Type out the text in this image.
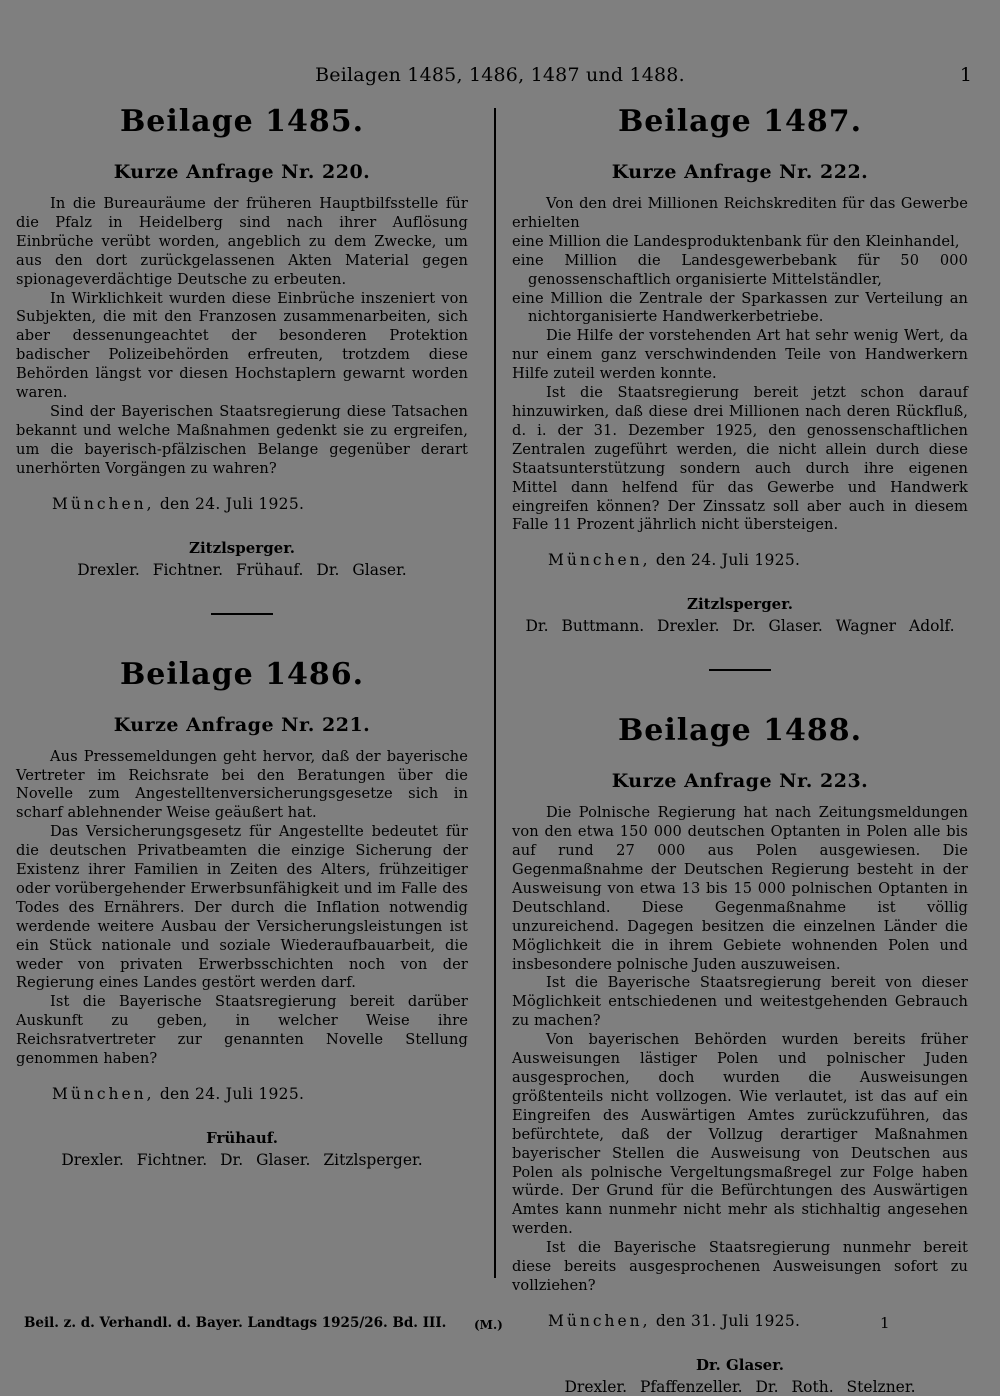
Beilagen 1485, 1486, 1487 und 1488.	1
Beilage 1485.
Kurze Anfrage Nr. 220.

In die Bureauräume der früheren Hauptbilfsstelle für die Pfalz in Heidelberg sind nach ihrer Auflösung Einbrüche verübt worden, angeblich zu dem Zwecke, um aus den dort zurückgelassenen Akten Material gegen spionageverdächtige Deutsche zu erbeuten.

In Wirklichkeit wurden diese Einbrüche inszeniert von Subjekten, die mit den Franzosen zusammenarbeiten, sich aber dessenungeachtet der besonderen Protektion badischer Polizeibehörden erfreuten, trotzdem diese Behörden längst vor diesen Hochstaplern gewarnt worden waren.

Sind der Bayerischen Staatsregierung diese Tatsachen bekannt und welche Maßnahmen gedenkt sie zu ergreifen, um die bayerisch-pfälzischen Belange gegenüber derart unerhörten Vorgängen zu wahren?

München, den 24. Juli 1925.
Zitzlsperger.
Drexler. Fichtner. Frühauf. Dr. Glaser.
Beilage 1486.
Kurze Anfrage Nr. 221.

Aus Pressemeldungen geht hervor, daß der bayerische Vertreter im Reichsrate bei den Beratungen über die Novelle zum Angestelltenversicherungsgesetze sich in scharf ablehnender Weise geäußert hat.

Das Versicherungsgesetz für Angestellte bedeutet für die deutschen Privatbeamten die einzige Sicherung der Existenz ihrer Familien in Zeiten des Alters, frühzeitiger oder vorübergehender Erwerbsunfähigkeit und im Falle des Todes des Ernährers. Der durch die Inflation notwendig werdende weitere Ausbau der Versicherungsleistungen ist ein Stück nationale und soziale Wiederaufbauarbeit, die weder von privaten Erwerbsschichten noch von der Regierung eines Landes gestört werden darf.

Ist die Bayerische Staatsregierung bereit darüber Auskunft zu geben, in welcher Weise ihre Reichsratvertreter zur genannten Novelle Stellung genommen haben?

München, den 24. Juli 1925.
Frühauf.
Drexler. Fichtner. Dr. Glaser. Zitzlsperger.
Beilage 1487.
Kurze Anfrage Nr. 222.

Von den drei Millionen Reichskrediten für das Gewerbe erhielten

eine Million die Landesproduktenbank für den Kleinhandel,

eine Million die Landesgewerbebank für 50 000 genossenschaftlich organisierte Mittelständler,

eine Million die Zentrale der Sparkassen zur Verteilung an nichtorganisierte Handwerkerbetriebe.

Die Hilfe der vorstehenden Art hat sehr wenig Wert, da nur einem ganz verschwindenden Teile von Handwerkern Hilfe zuteil werden konnte.

Ist die Staatsregierung bereit jetzt schon darauf hinzuwirken, daß diese drei Millionen nach deren Rückfluß, d. i. der 31. Dezember 1925, den genossenschaftlichen Zentralen zugeführt werden, die nicht allein durch diese Staatsunterstützung sondern auch durch ihre eigenen Mittel dann helfend für das Gewerbe und Handwerk eingreifen können? Der Zinssatz soll aber auch in diesem Falle 11 Prozent jährlich nicht übersteigen.

München, den 24. Juli 1925.
Zitzlsperger.
Dr. Buttmann. Drexler. Dr. Glaser. Wagner Adolf.
Beilage 1488.
Kurze Anfrage Nr. 223.

Die Polnische Regierung hat nach Zeitungsmeldungen von den etwa 150 000 deutschen Optanten in Polen alle bis auf rund 27 000 aus Polen ausgewiesen. Die Gegenmaßnahme der Deutschen Regierung besteht in der Ausweisung von etwa 13 bis 15 000 polnischen Optanten in Deutschland. Diese Gegenmaßnahme ist völlig unzureichend. Dagegen besitzen die einzelnen Länder die Möglichkeit die in ihrem Gebiete wohnenden Polen und insbesondere polnische Juden auszuweisen.

Ist die Bayerische Staatsregierung bereit von dieser Möglichkeit entschiedenen und weitestgehenden Gebrauch zu machen?

Von bayerischen Behörden wurden bereits früher Ausweisungen lästiger Polen und polnischer Juden ausgesprochen, doch wurden die Ausweisungen größtenteils nicht vollzogen. Wie verlautet, ist das auf ein Eingreifen des Auswärtigen Amtes zurückzuführen, das befürchtete, daß der Vollzug derartiger Maßnahmen bayerischer Stellen die Ausweisung von Deutschen aus Polen als polnische Vergeltungsmaßregel zur Folge haben würde. Der Grund für die Befürchtungen des Auswärtigen Amtes kann nunmehr nicht mehr als stichhaltig angesehen werden.

Ist die Bayerische Staatsregierung nunmehr bereit diese bereits ausgesprochenen Ausweisungen sofort zu vollziehen?

München, den 31. Juli 1925.
Dr. Glaser.
Drexler. Pfaffenzeller. Dr. Roth. Stelzner.
Beil. z. d. Verhandl. d. Bayer. Landtags 1925/26. Bd. III. (M.)	1
